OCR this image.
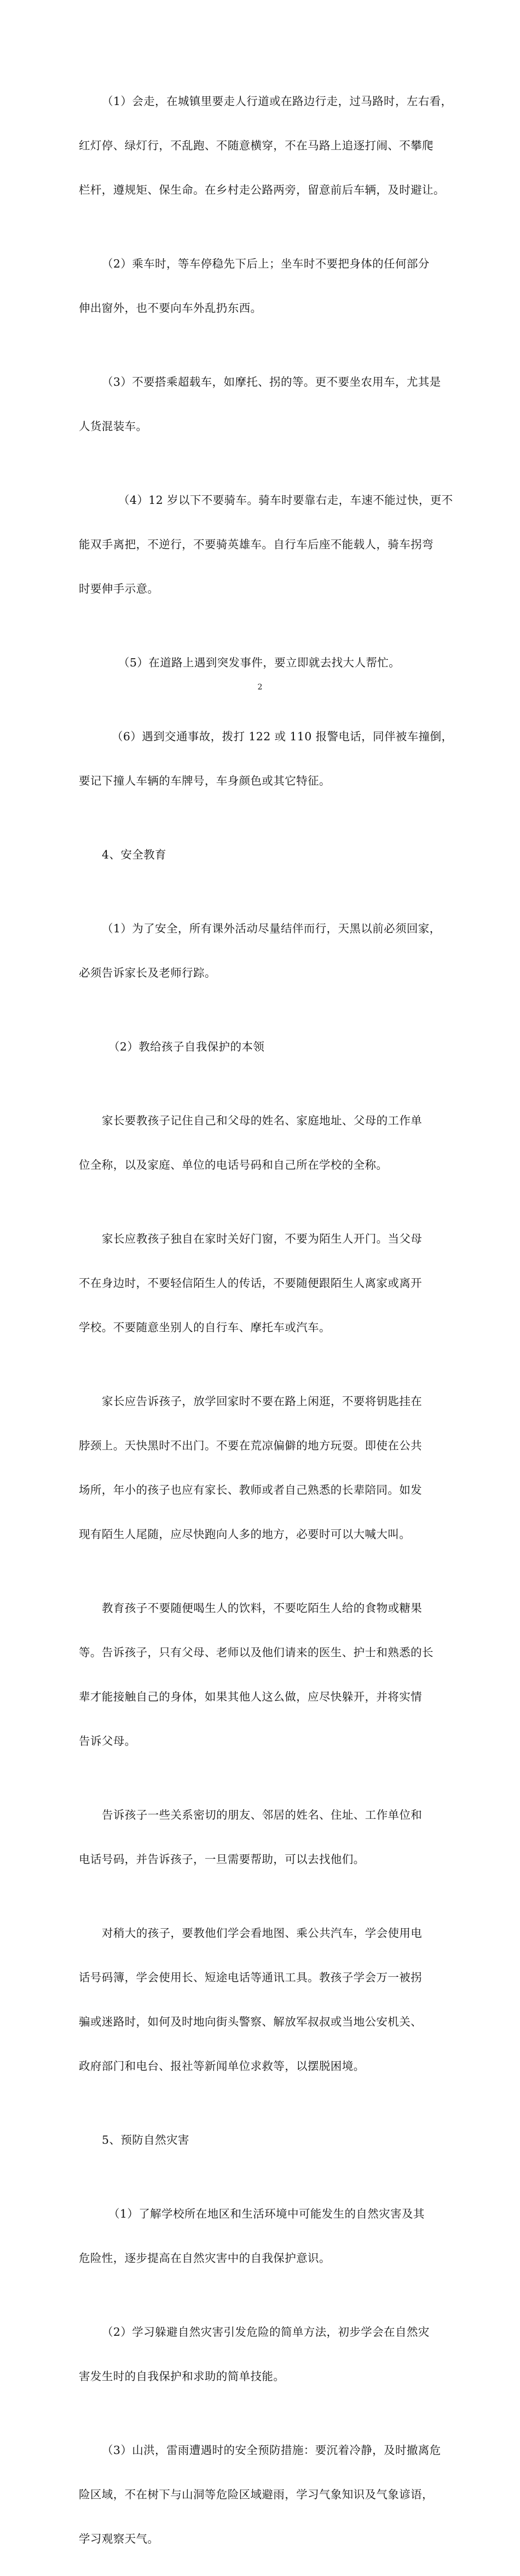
（1）会走，在城镇里要走人行道或在路边行走，过马路时，左右看，

红灯停、绿灯行，不乱跑、不随意横穿，不在马路上追逐打闹、不攀爬

栏杆，遵规矩、保生命。在乡村走公路两旁，留意前后车辆，及时避让。

（2）乘车时，等车停稳先下后上；坐车时不要把身体的任何部分

伸出窗外，也不要向车外乱扔东西。

（3）不要搭乘超载车，如摩托、拐的等。更不要坐农用车，尤其是

人货混装车。

（4）12 岁以下不要骑车。骑车时要靠右走，车速不能过快，更不

能双手离把，不逆行，不要骑英雄车。自行车后座不能载人，骑车拐弯

时要伸手示意。

（5）在道路上遇到突发事件，要立即就去找大人帮忙。

（6）遇到交通事故，拨打 122 或 110 报警电话，同伴被车撞倒，

要记下撞人车辆的车牌号，车身颜色或其它特征。

4、安全教育

（1）为了安全，所有课外活动尽量结伴而行，天黑以前必须回家，

必须告诉家长及老师行踪。

（2）教给孩子自我保护的本领

家长要教孩子记住自己和父母的姓名、家庭地址、父母的工作单

位全称，以及家庭、单位的电话号码和自己所在学校的全称。

家长应教孩子独自在家时关好门窗，不要为陌生人开门。当父母

不在身边时，不要轻信陌生人的传话，不要随便跟陌生人离家或离开

学校。不要随意坐别人的自行车、摩托车或汽车。

家长应告诉孩子，放学回家时不要在路上闲逛，不要将钥匙挂在

脖颈上。天快黑时不出门。不要在荒凉偏僻的地方玩耍。即使在公共

场所，年小的孩子也应有家长、教师或者自己熟悉的长辈陪同。如发

现有陌生人尾随，应尽快跑向人多的地方，必要时可以大喊大叫。

教育孩子不要随便喝生人的饮料，不要吃陌生人给的食物或糖果

等。告诉孩子，只有父母、老师以及他们请来的医生、护士和熟悉的长

辈才能接触自己的身体，如果其他人这么做，应尽快躲开，并将实情

告诉父母。

告诉孩子一些关系密切的朋友、邻居的姓名、住址、工作单位和

电话号码，并告诉孩子，一旦需要帮助，可以去找他们。

对稍大的孩子，要教他们学会看地图、乘公共汽车，学会使用电

话号码簿，学会使用长、短途电话等通讯工具。教孩子学会万一被拐

骗或迷路时，如何及时地向街头警察、解放军叔叔或当地公安机关、

政府部门和电台、报社等新闻单位求救等，以摆脱困境。

5、预防自然灾害

（1）了解学校所在地区和生活环境中可能发生的自然灾害及其

危险性，逐步提高在自然灾害中的自我保护意识。

（2）学习躲避自然灾害引发危险的简单方法，初步学会在自然灾

害发生时的自我保护和求助的简单技能。

（3）山洪，雷雨遭遇时的安全预防措施：要沉着冷静，及时撤离危

险区域，不在树下与山洞等危险区域避雨，学习气象知识及气象谚语，

学习观察天气。

2
